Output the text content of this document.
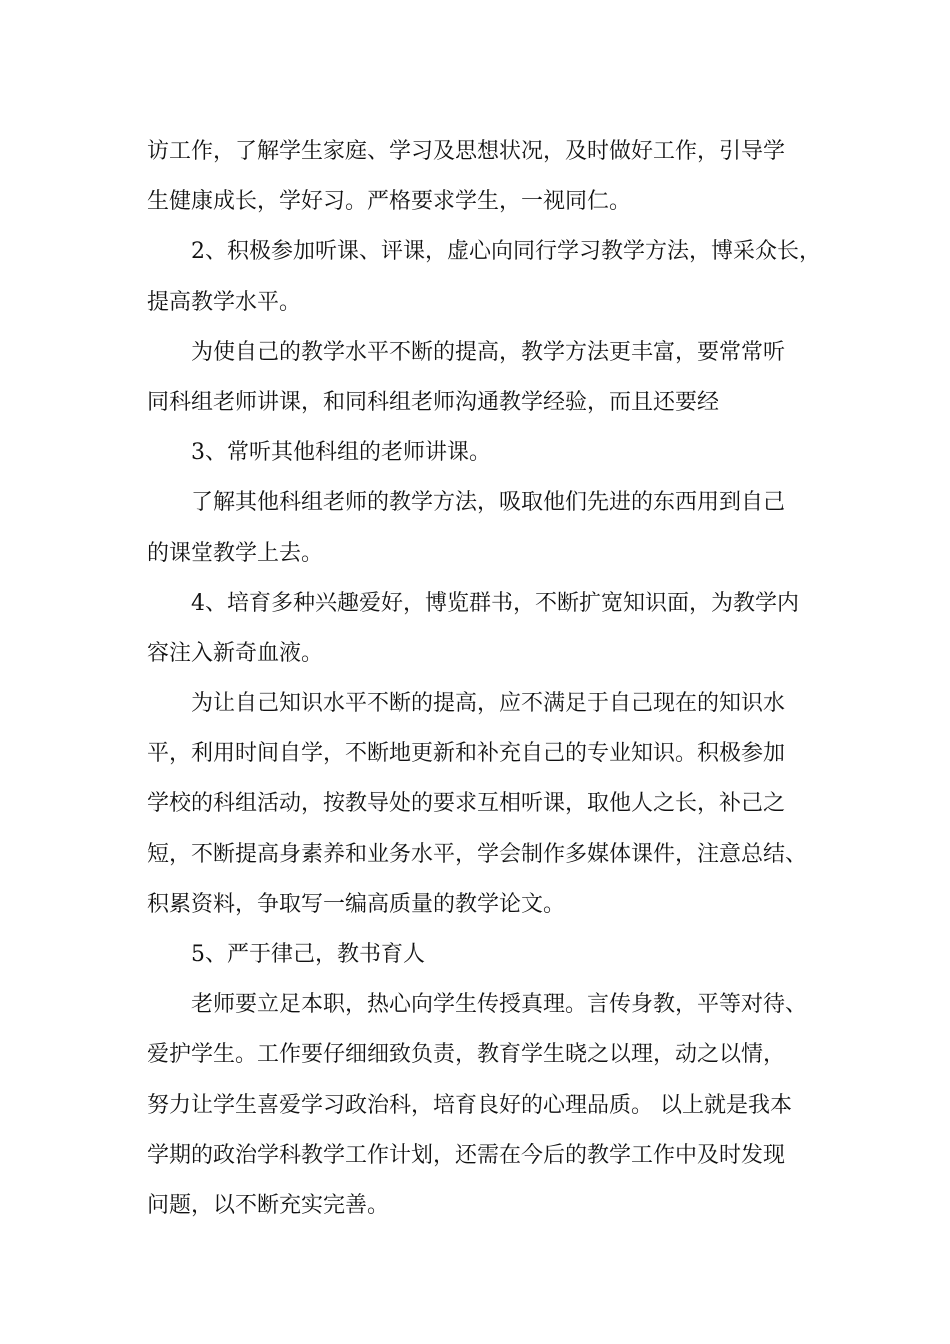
访工作，了解学生家庭、学习及思想状况，及时做好工作，引导学
生健康成长，学好习。严格要求学生，一视同仁。
2、积极参加听课、评课，虚心向同行学习教学方法，博采众长，
提高教学水平。
为使自己的教学水平不断的提高，教学方法更丰富，要常常听
同科组老师讲课，和同科组老师沟通教学经验，而且还要经
3、常听其他科组的老师讲课。
了解其他科组老师的教学方法，吸取他们先进的东西用到自己
的课堂教学上去。
4、培育多种兴趣爱好，博览群书，不断扩宽知识面，为教学内
容注入新奇血液。
为让自己知识水平不断的提高，应不满足于自己现在的知识水
平，利用时间自学，不断地更新和补充自己的专业知识。积极参加
学校的科组活动，按教导处的要求互相听课，取他人之长，补己之
短，不断提高身素养和业务水平，学会制作多媒体课件，注意总结、
积累资料，争取写一编高质量的教学论文。
5、严于律己，教书育人
老师要立足本职，热心向学生传授真理。言传身教，平等对待、
爱护学生。工作要仔细细致负责，教育学生晓之以理，动之以情，
努力让学生喜爱学习政治科，培育良好的心理品质。 以上就是我本
学期的政治学科教学工作计划，还需在今后的教学工作中及时发现
问题，以不断充实完善。
